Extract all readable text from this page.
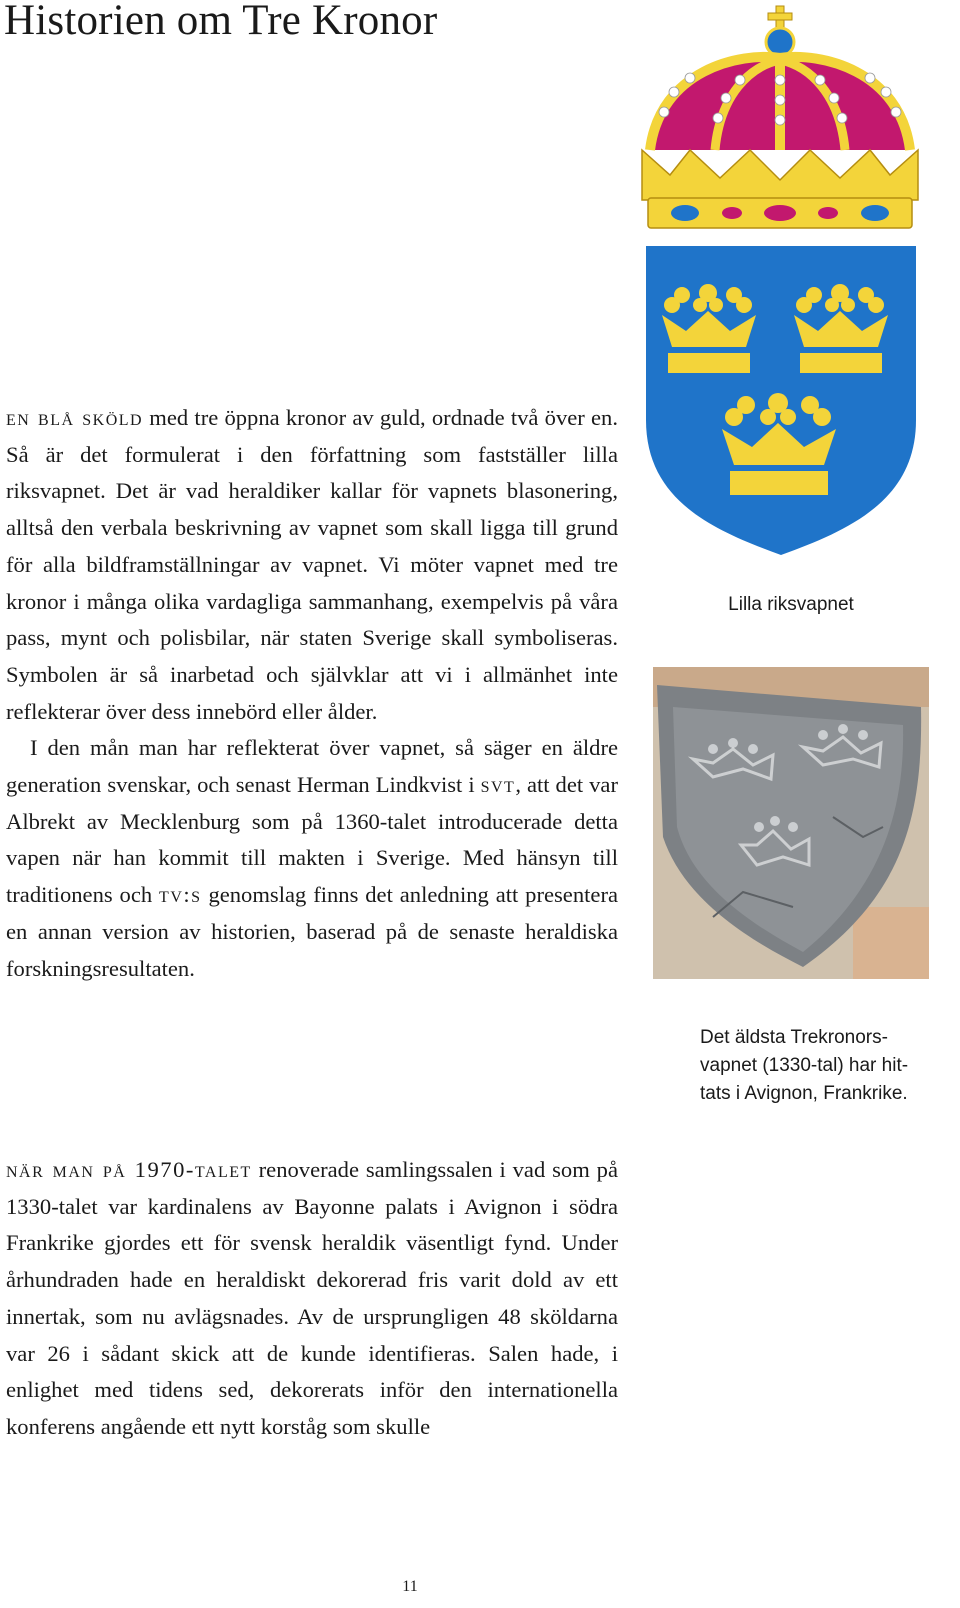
Historien om Tre Kronor

en blå sköld med tre öppna kronor av guld, ordnade två över en. Så är det formulerat i den författning som fastställer lilla riksvapnet. Det är vad heraldiker kallar för vapnets blasonering, alltså den verbala beskrivning av vapnet som skall ligga till grund för alla bildframställningar av vapnet. Vi möter vapnet med tre kronor i många olika vardagliga sammanhang, exempelvis på våra pass, mynt och polisbilar, när staten Sverige skall symboliseras. Symbolen är så inarbetad och självklar att vi i allmänhet inte reflekterar över dess innebörd eller ålder.

I den mån man har reflekterat över vapnet, så säger en äldre generation svenskar, och senast Herman Lindkvist i svt, att det var Albrekt av Mecklenburg som på 1360-talet introducerade detta vapen när han kommit till makten i Sverige. Med hänsyn till traditionens och tv:s genomslag finns det anledning att presentera en annan version av historien, baserad på de senaste heraldiska forskningsresultaten.

när man på 1970-talet renoverade samlingssalen i vad som på 1330-talet var kardinalens av Bayonne palats i Avignon i södra Frankrike gjordes ett för svensk heraldik väsentligt fynd. Under århundraden hade en heraldiskt dekorerad fris varit dold av ett innertak, som nu avlägsnades. Av de ursprungligen 48 sköldarna var 26 i sådant skick att de kunde identifieras. Salen hade, i enlighet med tidens sed, dekorerats inför den internationella konferens angående ett nytt korståg som skulle

Lilla riksvapnet
Det äldsta Trekronors-
vapnet (1330-tal) har hit-
tats i Avignon, Frankrike.
11
